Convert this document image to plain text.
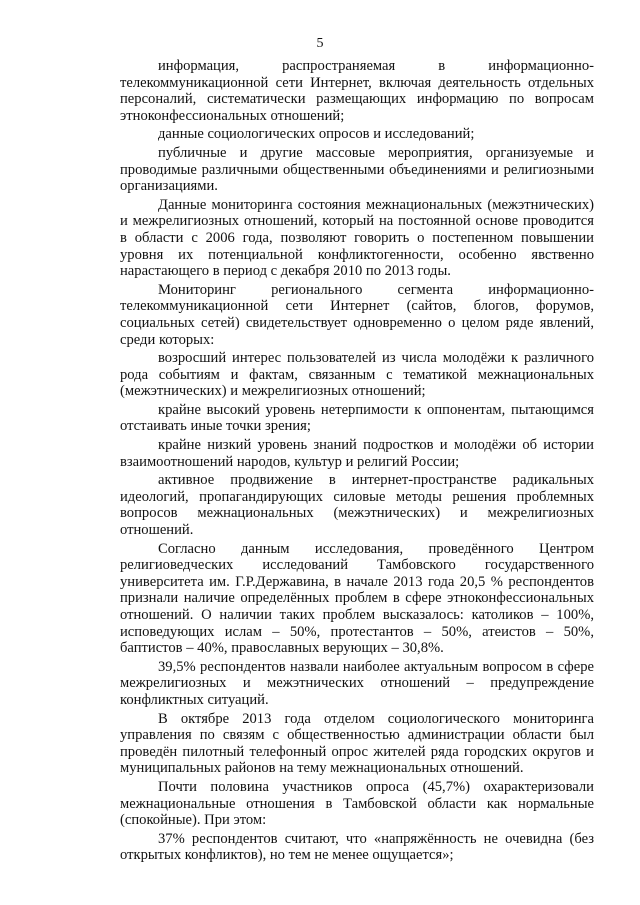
5

информация, распространяемая в информационно-телекоммуникационной сети Интернет, включая деятельность отдельных персоналий, систематически размещающих информацию по вопросам этноконфессиональных отношений;

данные социологических опросов и исследований;

публичные и другие массовые мероприятия, организуемые и проводимые различными общественными объединениями и религиозными организациями.

Данные мониторинга состояния межнациональных (межэтнических) и межрелигиозных отношений, который на постоянной основе проводится в области с 2006 года, позволяют говорить о постепенном повышении уровня их потенциальной конфликтогенности, особенно явственно нарастающего в период с декабря 2010 по 2013 годы.

Мониторинг регионального сегмента информационно-телекоммуникационной сети Интернет (сайтов, блогов, форумов, социальных сетей) свидетельствует одновременно о целом ряде явлений, среди которых:

возросший интерес пользователей из числа молодёжи к различного рода событиям и фактам, связанным с тематикой межнациональных (межэтнических) и межрелигиозных отношений;

крайне высокий уровень нетерпимости к оппонентам, пытающимся отстаивать иные точки зрения;

крайне низкий уровень знаний подростков и молодёжи об истории взаимоотношений народов, культур и религий России;

активное продвижение в интернет-пространстве радикальных идеологий, пропагандирующих силовые методы решения проблемных вопросов межнациональных (межэтнических) и межрелигиозных отношений.

Согласно данным исследования, проведённого Центром религиоведческих исследований Тамбовского государственного университета им. Г.Р.Державина, в начале 2013 года 20,5 % респондентов признали наличие определённых проблем в сфере этноконфессиональных отношений. О наличии таких проблем высказалось: католиков – 100%, исповедующих ислам – 50%, протестантов – 50%, атеистов – 50%, баптистов – 40%, православных верующих – 30,8%.

39,5% респондентов назвали наиболее актуальным вопросом в сфере межрелигиозных и межэтнических отношений – предупреждение конфликтных ситуаций.

В октябре 2013 года отделом социологического мониторинга управления по связям с общественностью администрации области был проведён пилотный телефонный опрос жителей ряда городских округов и муниципальных районов на тему межнациональных отношений.

Почти половина участников опроса (45,7%) охарактеризовали межнациональные отношения в Тамбовской области как нормальные (спокойные). При этом:

37% респондентов считают, что «напряжённость не очевидна (без открытых конфликтов), но тем не менее ощущается»;
